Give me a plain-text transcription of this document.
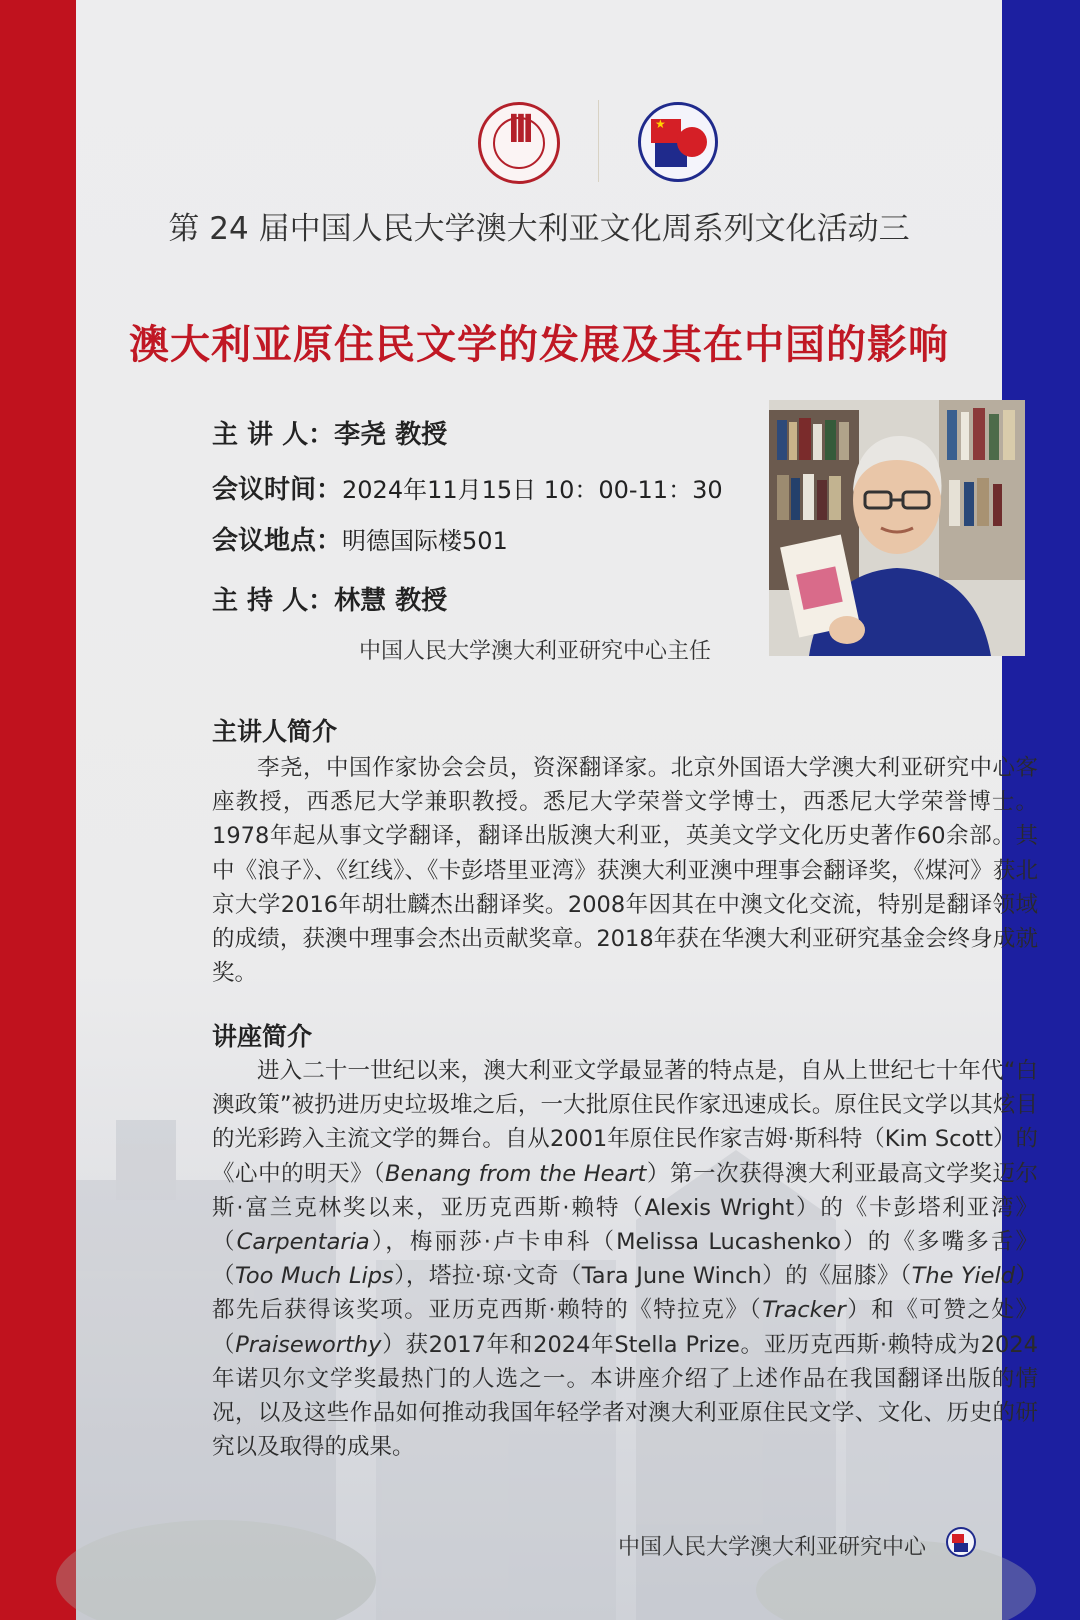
ꟾꟾꟾ	★
第 24 届中国人民大学澳大利亚文化周系列文化活动三
澳大利亚原住民文学的发展及其在中国的影响
主 讲 人：李尧 教授
会议时间：2024年11月15日 10：00-11：30
会议地点：明德国际楼501
主 持 人：林慧 教授
中国人民大学澳大利亚研究中心主任
主讲人简介

李尧，中国作家协会会员，资深翻译家。北京外国语大学澳大利亚研究中心客座教授，西悉尼大学兼职教授。悉尼大学荣誉文学博士，西悉尼大学荣誉博士。1978年起从事文学翻译，翻译出版澳大利亚，英美文学文化历史著作60余部。其中《浪子》、《红线》、《卡彭塔里亚湾》获澳大利亚澳中理事会翻译奖，《煤河》获北京大学2016年胡壮麟杰出翻译奖。2008年因其在中澳文化交流，特别是翻译领域的成绩，获澳中理事会杰出贡献奖章。2018年获在华澳大利亚研究基金会终身成就奖。

讲座简介

进入二十一世纪以来，澳大利亚文学最显著的特点是，自从上世纪七十年代“白澳政策”被扔进历史垃圾堆之后，一大批原住民作家迅速成长。原住民文学以其炫目的光彩跨入主流文学的舞台。自从2001年原住民作家吉姆·斯科特（Kim Scott）的《心中的明天》（Benang from the Heart）第一次获得澳大利亚最高文学奖迈尔斯·富兰克林奖以来，亚历克西斯·赖特（Alexis Wright）的《卡彭塔利亚湾》（Carpentaria），梅丽莎·卢卡申科（Melissa Lucashenko）的《多嘴多舌》（Too Much Lips），塔拉·琼·文奇（Tara June Winch）的《屈膝》（The Yield）都先后获得该奖项。亚历克西斯·赖特的《特拉克》（Tracker）和《可赞之处》（Praiseworthy）获2017年和2024年Stella Prize。亚历克西斯·赖特成为2024年诺贝尔文学奖最热门的人选之一。本讲座介绍了上述作品在我国翻译出版的情况，以及这些作品如何推动我国年轻学者对澳大利亚原住民文学、文化、历史的研究以及取得的成果。

中国人民大学澳大利亚研究中心
